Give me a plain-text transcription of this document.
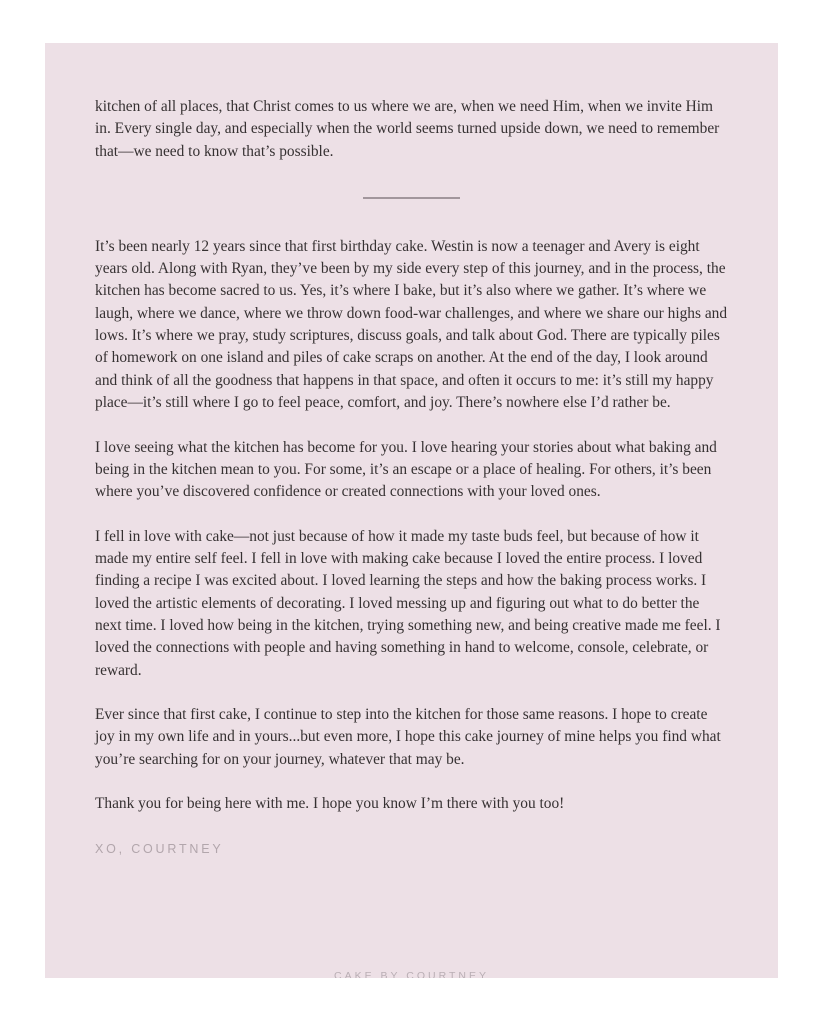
kitchen of all places, that Christ comes to us where we are, when we need Him, when we invite Him in. Every single day, and especially when the world seems turned upside down, we need to remember that—we need to know that’s possible.

It’s been nearly 12 years since that first birthday cake. Westin is now a teenager and Avery is eight years old. Along with Ryan, they’ve been by my side every step of this journey, and in the process, the kitchen has become sacred to us. Yes, it’s where I bake, but it’s also where we gather. It’s where we laugh, where we dance, where we throw down food-war challenges, and where we share our highs and lows. It’s where we pray, study scriptures, discuss goals, and talk about God. There are typically piles of homework on one island and piles of cake scraps on another. At the end of the day, I look around and think of all the goodness that happens in that space, and often it occurs to me: it’s still my happy place—it’s still where I go to feel peace, comfort, and joy. There’s nowhere else I’d rather be.

I love seeing what the kitchen has become for you. I love hearing your stories about what baking and being in the kitchen mean to you. For some, it’s an escape or a place of healing. For others, it’s been where you’ve discovered confidence or created connections with your loved ones.

I fell in love with cake—not just because of how it made my taste buds feel, but because of how it made my entire self feel. I fell in love with making cake because I loved the entire process. I loved finding a recipe I was excited about. I loved learning the steps and how the baking process works. I loved the artistic elements of decorating. I loved messing up and figuring out what to do better the next time. I loved how being in the kitchen, trying something new, and being creative made me feel. I loved the connections with people and having something in hand to welcome, console, celebrate, or reward.

Ever since that first cake, I continue to step into the kitchen for those same reasons. I hope to create joy in my own life and in yours...but even more, I hope this cake journey of mine helps you find what you’re searching for on your journey, whatever that may be.

Thank you for being here with me. I hope you know I’m there with you too!

XO, COURTNEY
CAKE BY COURTNEY
